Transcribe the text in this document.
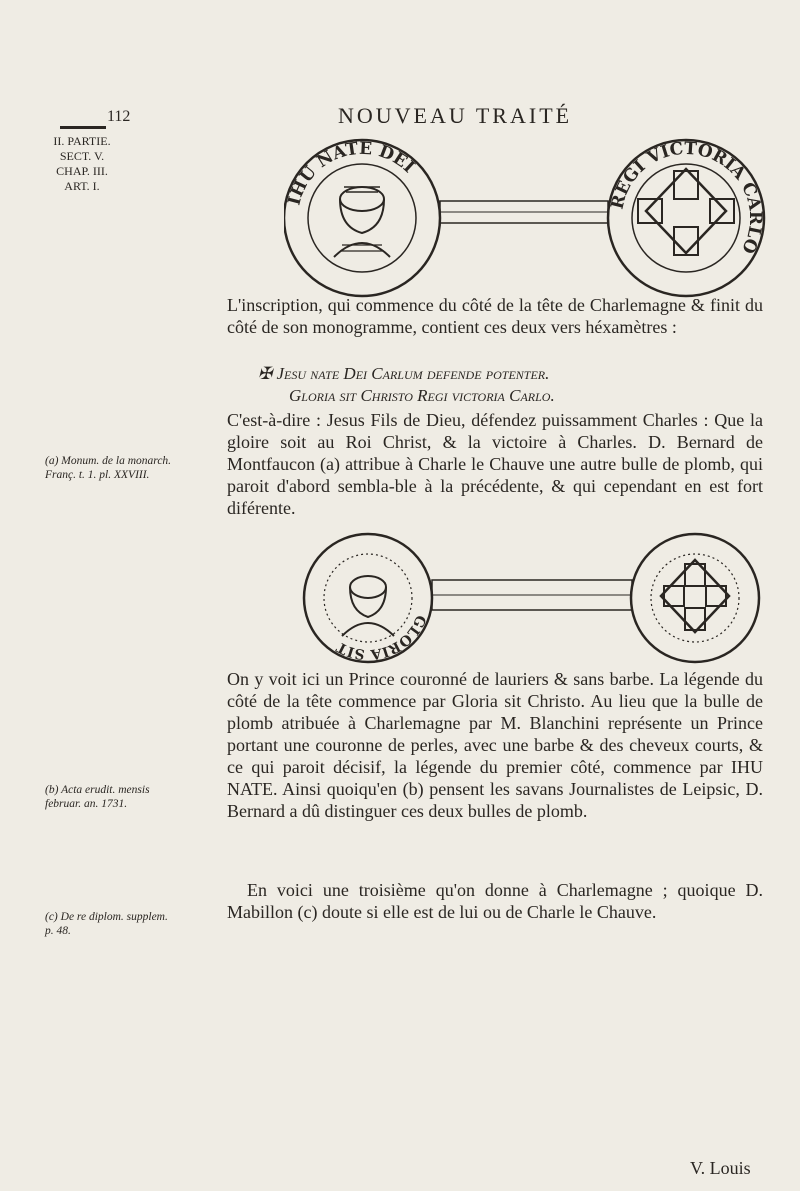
112	NOUVEAU TRAITÉ
II. PARTIE.
SECT. V.
CHAP. III.
ART. I.
IHU NATE DEI
REGI VICTORIA CARLO
L'inscription, qui commence du côté de la tête de Charlemagne & finit du côté de son monogramme, contient ces deux vers héxamètres :
✠ Jesu nate Dei Carlum defende potenter.
Gloria sit Christo Regi victoria Carlo.
C'est-à-dire : Jesus Fils de Dieu, défendez puissamment Charles : Que la gloire soit au Roi Christ, & la victoire à Charles. D. Bernard de Montfaucon (a) attribue à Charle le Chauve une autre bulle de plomb, qui paroit d'abord sembla-ble à la précédente, & qui cependant en est fort diférente.
(a) Monum. de la monarch. Franç. t. 1. pl. XXVIII.
GLORIA SIT
On y voit ici un Prince couronné de lauriers & sans barbe. La légende du côté de la tête commence par Gloria sit Christo. Au lieu que la bulle de plomb atribuée à Charlemagne par M. Blanchini représente un Prince portant une couronne de perles, avec une barbe & des cheveux courts, & ce qui paroit décisif, la légende du premier côté, commence par IHU NATE. Ainsi quoiqu'en (b) pensent les savans Journalistes de Leipsic, D. Bernard a dû distinguer ces deux bulles de plomb.
(b) Acta erudit. mensis februar. an. 1731.
En voici une troisième qu'on donne à Charlemagne ; quoique D. Mabillon (c) doute si elle est de lui ou de Charle le Chauve.
(c) De re diplom. supplem. p. 48.
V. Louis
